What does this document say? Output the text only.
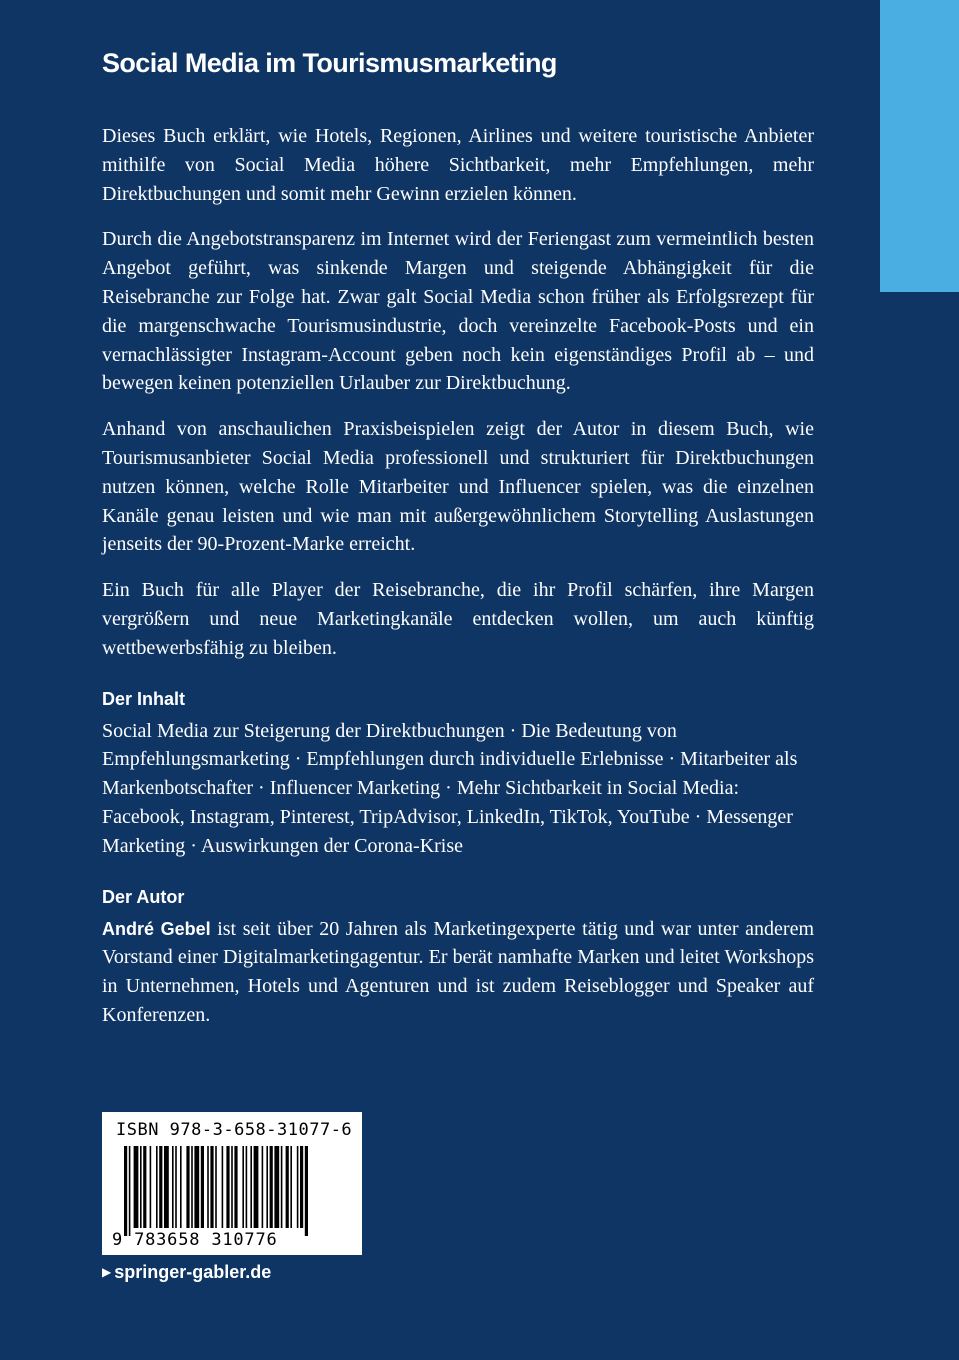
Social Media im Tourismusmarketing

Dieses Buch erklärt, wie Hotels, Regionen, Airlines und weitere touristische Anbieter mithilfe von Social Media höhere Sichtbarkeit, mehr Empfehlungen, mehr Direktbuchungen und somit mehr Gewinn erzielen können.

Durch die Angebotstransparenz im Internet wird der Feriengast zum vermeintlich besten Angebot geführt, was sinkende Margen und steigende Abhängigkeit für die Reisebranche zur Folge hat. Zwar galt Social Media schon früher als Erfolgsrezept für die margenschwache Tourismusindustrie, doch vereinzelte Facebook-Posts und ein vernachlässigter Instagram-Account geben noch kein eigenständiges Profil ab – und bewegen keinen potenziellen Urlauber zur Direktbuchung.

Anhand von anschaulichen Praxisbeispielen zeigt der Autor in diesem Buch, wie Tourismusanbieter Social Media professionell und strukturiert für Direktbuchungen nutzen können, welche Rolle Mitarbeiter und Influencer spielen, was die einzelnen Kanäle genau leisten und wie man mit außergewöhnlichem Storytelling Auslastungen jenseits der 90-Prozent-Marke erreicht.

Ein Buch für alle Player der Reisebranche, die ihr Profil schärfen, ihre Margen vergrößern und neue Marketingkanäle entdecken wollen, um auch künftig wettbewerbsfähig zu bleiben.

Der Inhalt

Social Media zur Steigerung der Direktbuchungen · Die Bedeutung von Empfehlungsmarketing · Empfehlungen durch individuelle Erlebnisse · Mitarbeiter als Markenbotschafter · Influencer Marketing · Mehr Sichtbarkeit in Social Media: Facebook, Instagram, Pinterest, TripAdvisor, LinkedIn, TikTok, YouTube · Messenger Marketing · Auswirkungen der Corona-Krise

Der Autor

André Gebel ist seit über 20 Jahren als Marketingexperte tätig und war unter anderem Vorstand einer Digitalmarketingagentur. Er berät namhafte Marken und leitet Workshops in Unternehmen, Hotels und Agenturen und ist zudem Reiseblogger und Speaker auf Konferenzen.

ISBN 978-3-658-31077-6
9 783658 310776
▶ springer-gabler.de
